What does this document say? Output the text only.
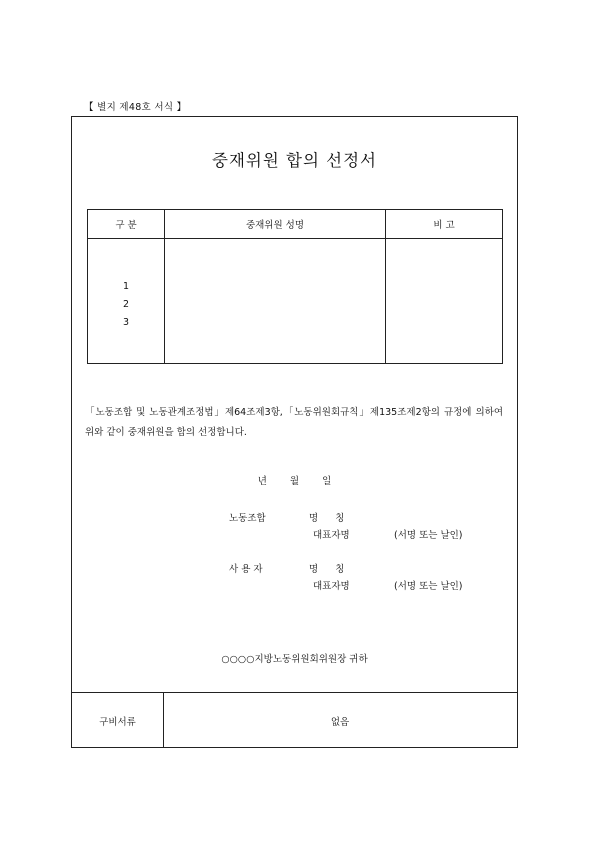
【 별지 제48호 서식 】
중재위원 합의 선정서
구 분	중재위원 성명	비 고

1
2
3		

「노동조합 및 노동관계조정법」제64조제3항,「노동위원회규칙」제135조제2항의 규정에 의하여 위와 같이 중재위원을 합의 선정합니다.
년 월 일
노동조합	명 칭
대표자명	(서명 또는 날인)
사 용 자	명 칭
대표자명	(서명 또는 날인)
○○○○지방노동위원회위원장 귀하
구비서류	없음
